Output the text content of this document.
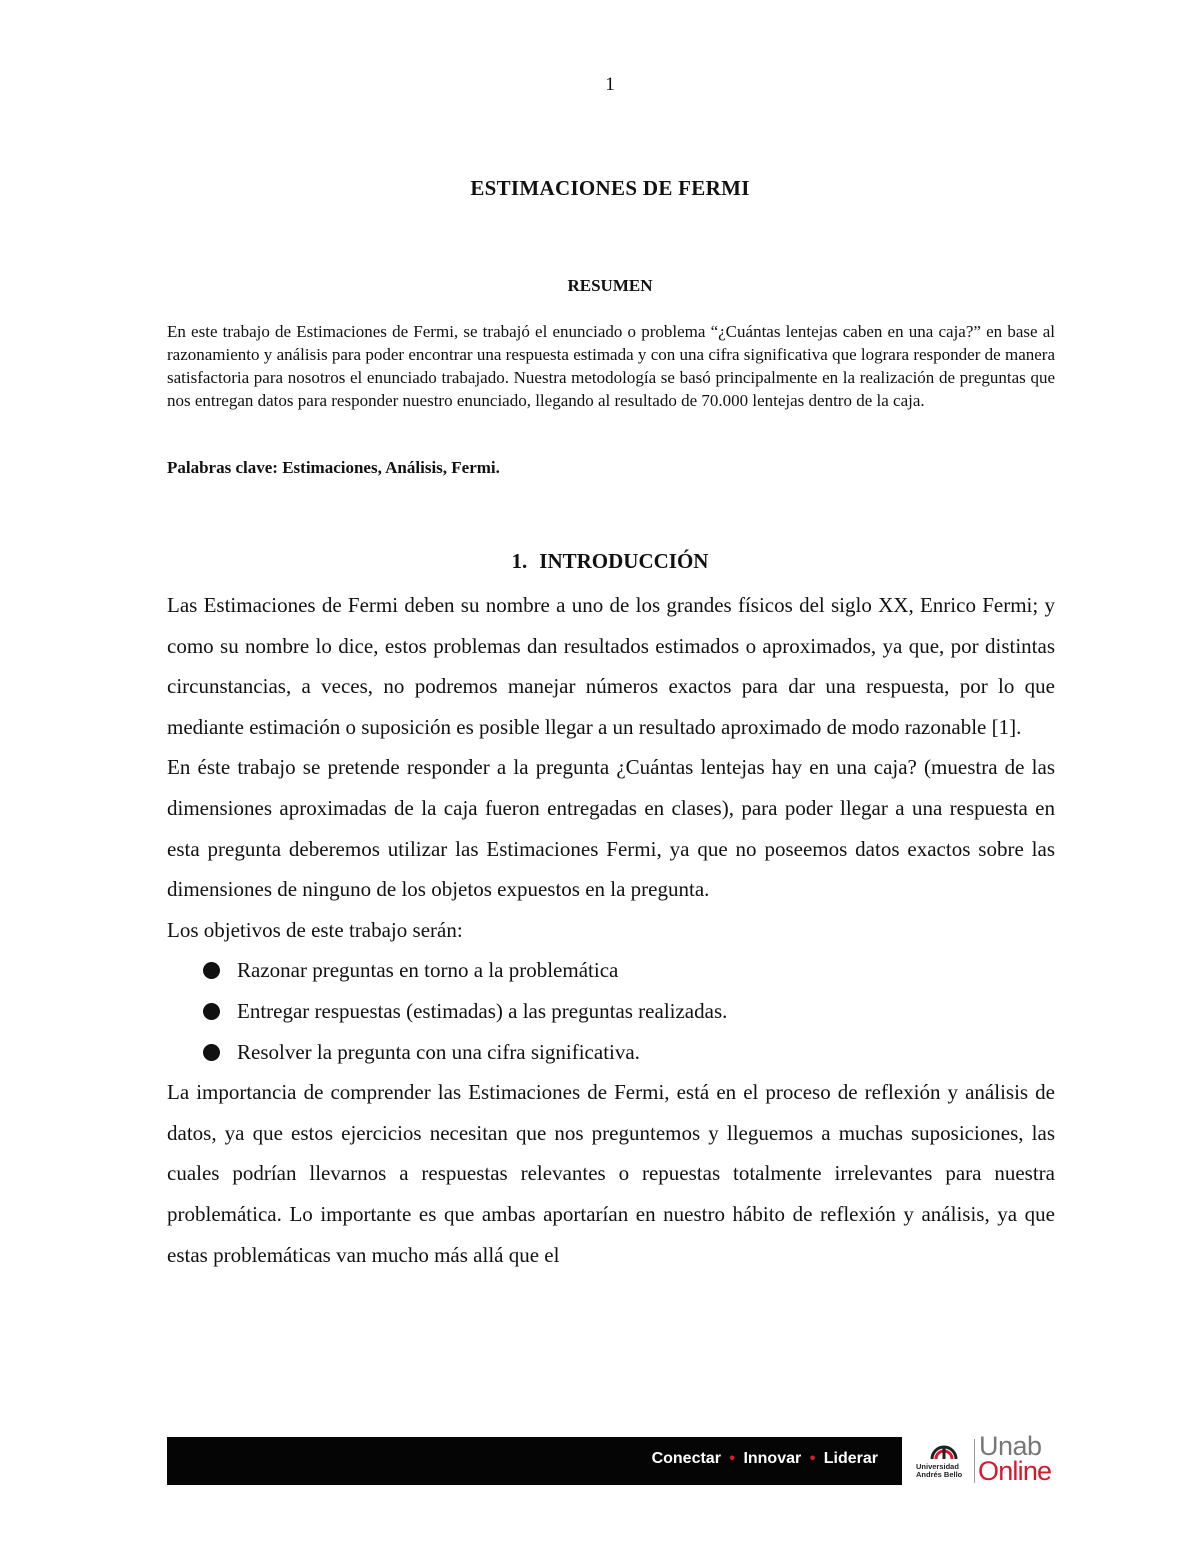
1
ESTIMACIONES DE FERMI
RESUMEN

En este trabajo de Estimaciones de Fermi, se trabajó el enunciado o problema “¿Cuántas lentejas caben en una caja?” en base al razonamiento y análisis para poder encontrar una respuesta estimada y con una cifra significativa que lograra responder de manera satisfactoria para nosotros el enunciado trabajado. Nuestra metodología se basó principalmente en la realización de preguntas que nos entregan datos para responder nuestro enunciado, llegando al resultado de 70.000 lentejas dentro de la caja.

Palabras clave: Estimaciones, Análisis, Fermi.
1. INTRODUCCIÓN

Las Estimaciones de Fermi deben su nombre a uno de los grandes físicos del siglo XX, Enrico Fermi; y como su nombre lo dice, estos problemas dan resultados estimados o aproximados, ya que, por distintas circunstancias, a veces, no podremos manejar números exactos para dar una respuesta, por lo que mediante estimación o suposición es posible llegar a un resultado aproximado de modo razonable [1].

En éste trabajo se pretende responder a la pregunta ¿Cuántas lentejas hay en una caja? (muestra de las dimensiones aproximadas de la caja fueron entregadas en clases), para poder llegar a una respuesta en esta pregunta deberemos utilizar las Estimaciones Fermi, ya que no poseemos datos exactos sobre las dimensiones de ninguno de los objetos expuestos en la pregunta.

Los objetivos de este trabajo serán:

Razonar preguntas en torno a la problemática
Entregar respuestas (estimadas) a las preguntas realizadas.
Resolver la pregunta con una cifra significativa.

La importancia de comprender las Estimaciones de Fermi, está en el proceso de reflexión y análisis de datos, ya que estos ejercicios necesitan que nos preguntemos y lleguemos a muchas suposiciones, las cuales podrían llevarnos a respuestas relevantes o repuestas totalmente irrelevantes para nuestra problemática. Lo importante es que ambas aportarían en nuestro hábito de reflexión y análisis, ya que estas problemáticas van mucho más allá que el

Conectar • Innovar • Liderar	Universidad Andrés Bello
Unab
Online
